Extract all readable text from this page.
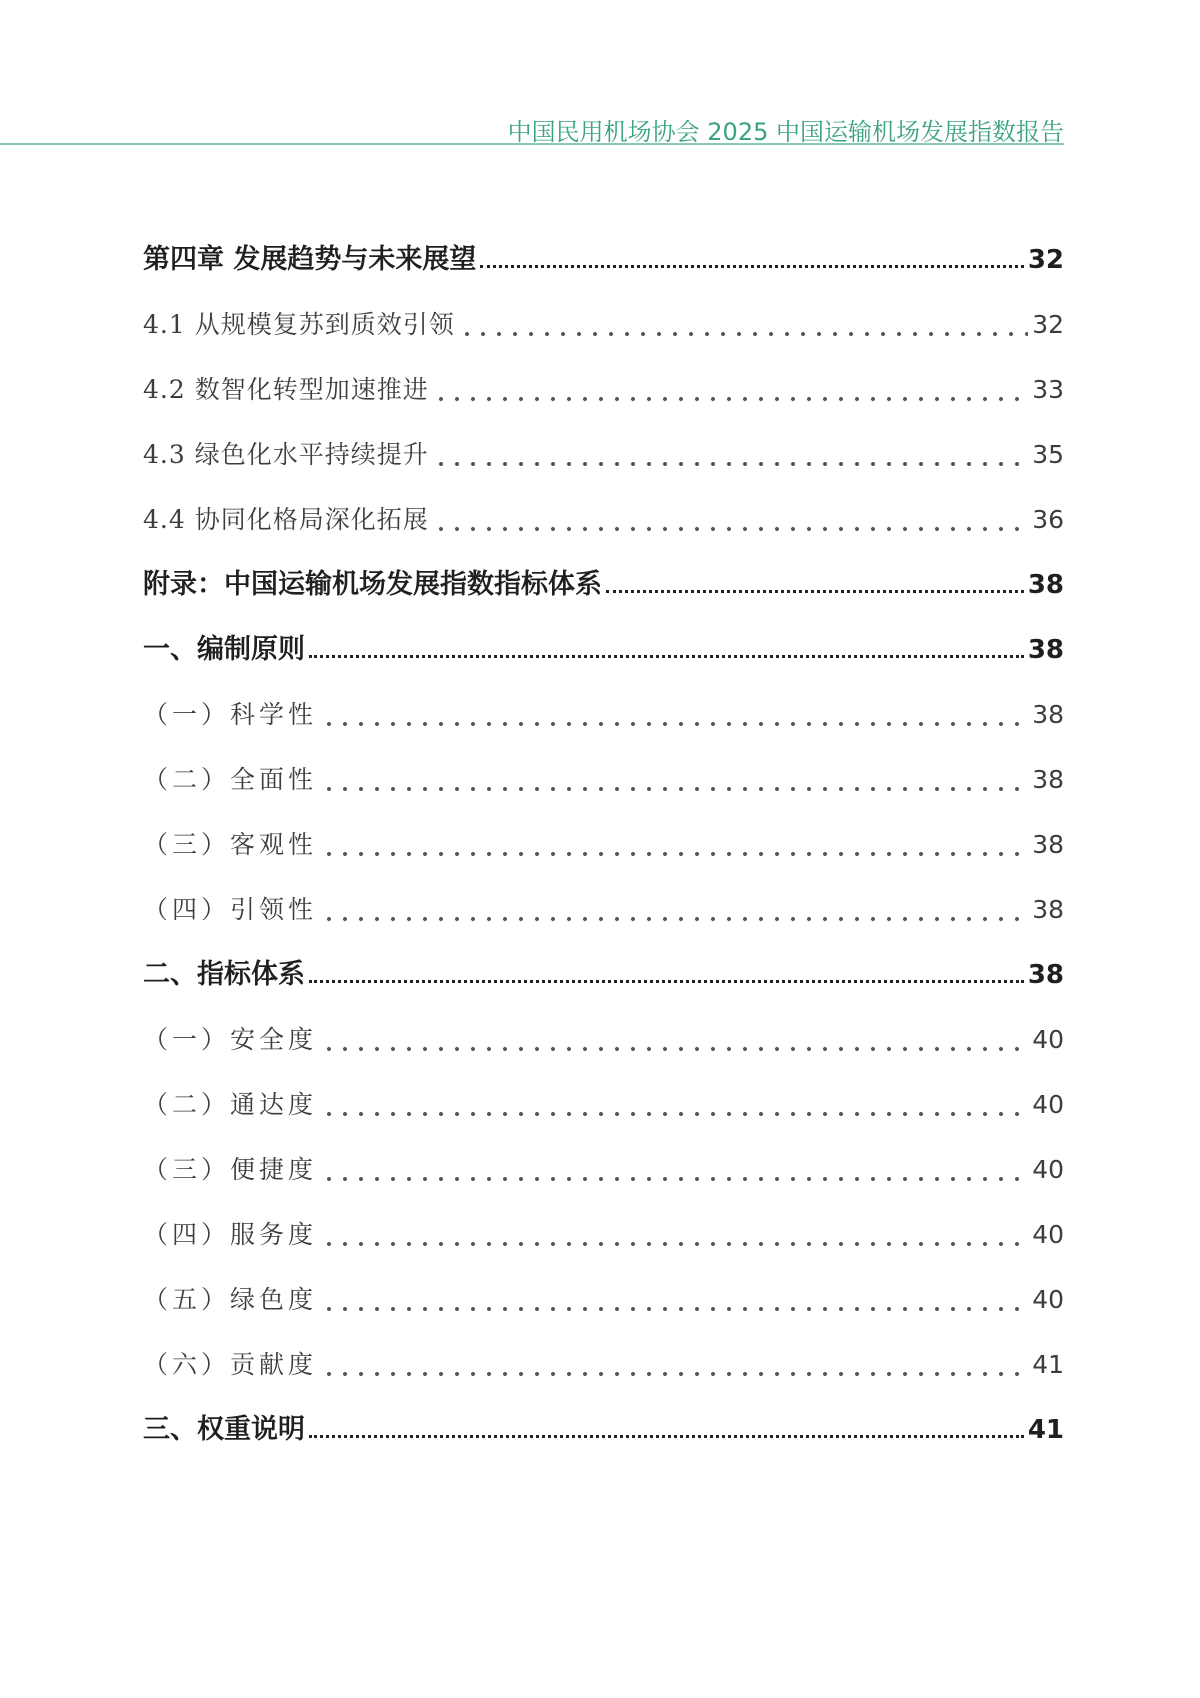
中国民用机场协会 2025 中国运输机场发展指数报告
第四章 发展趋势与未来展望	32
4.1 从规模复苏到质效引领	32
4.2 数智化转型加速推进	33
4.3 绿色化水平持续提升	35
4.4 协同化格局深化拓展	36
附录：中国运输机场发展指数指标体系	38
一、编制原则	38
（一）科学性	38
（二）全面性	38
（三）客观性	38
（四）引领性	38
二、指标体系	38
（一）安全度	40
（二）通达度	40
（三）便捷度	40
（四）服务度	40
（五）绿色度	40
（六）贡献度	41
三、权重说明	41
